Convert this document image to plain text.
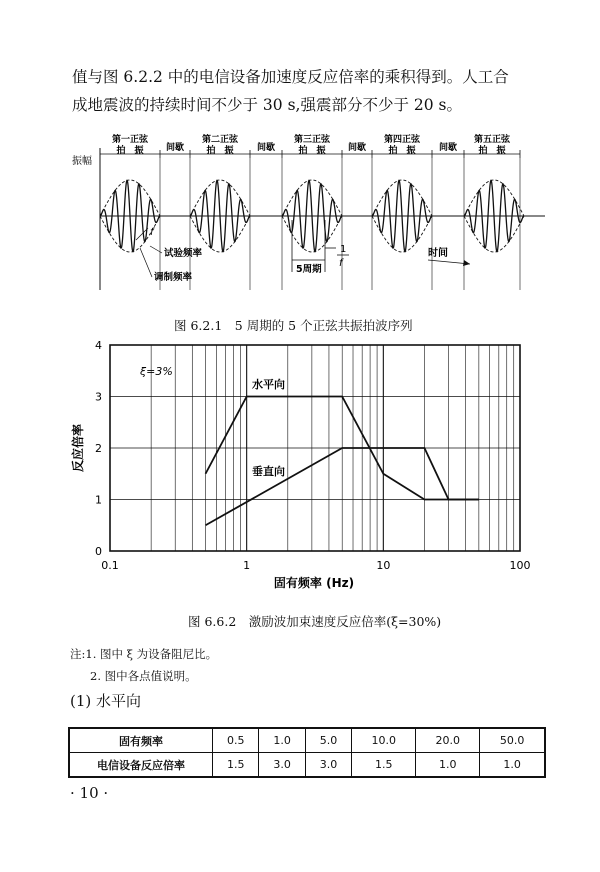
值与图 6.2.2 中的电信设备加速度反应倍率的乘积得到。人工合
成地震波的持续时间不少于 30 s,强震部分不少于 20 s。
第一正弦
拍　振 间歇
第二正弦
拍　振	间歇
第三正弦
拍　振 间歇
第四正弦
拍　振	间歇
第五正弦
拍　振
振幅
f
试验频率
调制频率
5周期
1
f
时间
图 6.2.1　5 周期的 5 个正弦共振拍波序列
0
1
2
3
4
0.1	1	10	100
水平向
垂直向
ξ=3%
固有频率 (Hz)
反应倍率
图 6.6.2　激励波加束速度反应倍率(ξ=30%)
注:1. 图中 ξ 为设备阻尼比。
2. 图中各点值说明。
(1) 水平向
固有频率	0.5	1.0	5.0	10.0	20.0	50.0
电信设备反应倍率	1.5	3.0	3.0	1.5	1.0	1.0
· 10 ·
